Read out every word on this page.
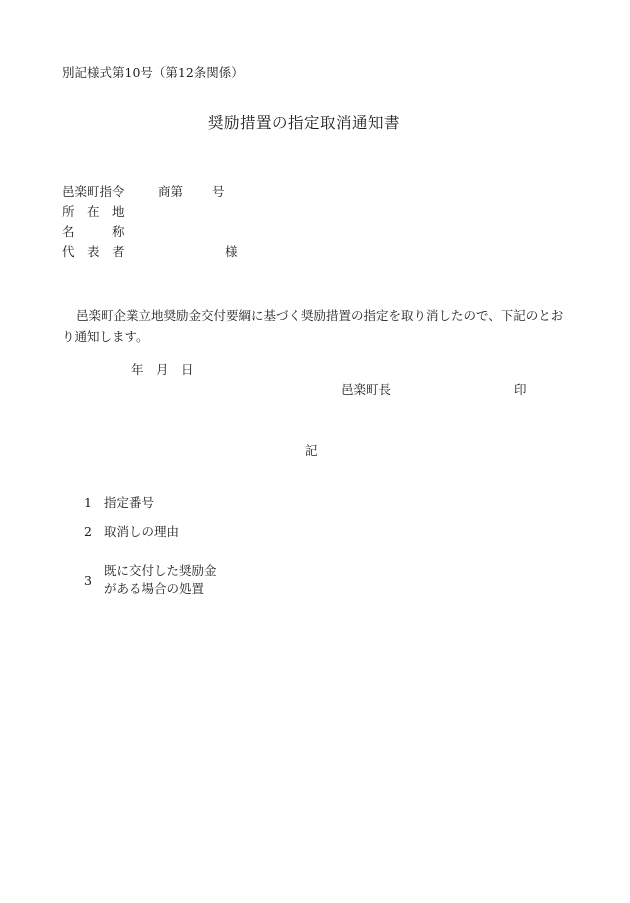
別記様式第10号（第12条関係）
奨励措置の指定取消通知書
邑楽町指令	商第 号
所　在　地
名　　　称
代　表　者	様
邑楽町企業立地奨励金交付要綱に基づく奨励措置の指定を取り消したので、下記のとおり通知します。
年　月　日
邑楽町長	印
記
1 指定番号
2 取消しの理由
3
既に交付した奨励金
がある場合の処置
